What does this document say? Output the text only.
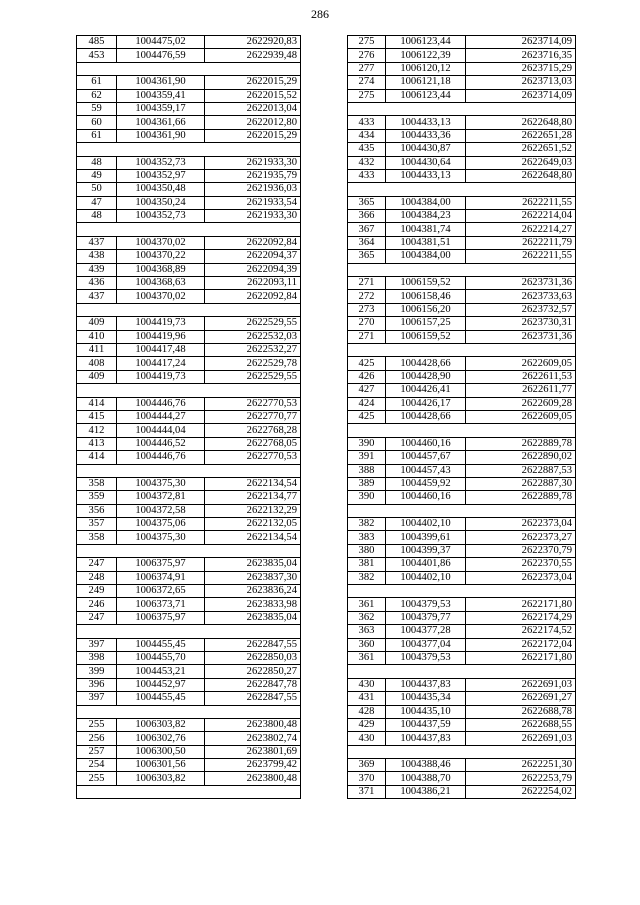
286
485	1004475,02	2622920,83
453	1004476,59	2622939,48

61	1004361,90	2622015,29
62	1004359,41	2622015,52
59	1004359,17	2622013,04
60	1004361,66	2622012,80
61	1004361,90	2622015,29

48	1004352,73	2621933,30
49	1004352,97	2621935,79
50	1004350,48	2621936,03
47	1004350,24	2621933,54
48	1004352,73	2621933,30

437	1004370,02	2622092,84
438	1004370,22	2622094,37
439	1004368,89	2622094,39
436	1004368,63	2622093,11
437	1004370,02	2622092,84

409	1004419,73	2622529,55
410	1004419,96	2622532,03
411	1004417,48	2622532,27
408	1004417,24	2622529,78
409	1004419,73	2622529,55

414	1004446,76	2622770,53
415	1004444,27	2622770,77
412	1004444,04	2622768,28
413	1004446,52	2622768,05
414	1004446,76	2622770,53

358	1004375,30	2622134,54
359	1004372,81	2622134,77
356	1004372,58	2622132,29
357	1004375,06	2622132,05
358	1004375,30	2622134,54

247	1006375,97	2623835,04
248	1006374,91	2623837,30
249	1006372,65	2623836,24
246	1006373,71	2623833,98
247	1006375,97	2623835,04

397	1004455,45	2622847,55
398	1004455,70	2622850,03
399	1004453,21	2622850,27
396	1004452,97	2622847,78
397	1004455,45	2622847,55

255	1006303,82	2623800,48
256	1006302,76	2623802,74
257	1006300,50	2623801,69
254	1006301,56	2623799,42
255	1006303,82	2623800,48

275	1006123,44	2623714,09
276	1006122,39	2623716,35
277	1006120,12	2623715,29
274	1006121,18	2623713,03
275	1006123,44	2623714,09

433	1004433,13	2622648,80
434	1004433,36	2622651,28
435	1004430,87	2622651,52
432	1004430,64	2622649,03
433	1004433,13	2622648,80

365	1004384,00	2622211,55
366	1004384,23	2622214,04
367	1004381,74	2622214,27
364	1004381,51	2622211,79
365	1004384,00	2622211,55

271	1006159,52	2623731,36
272	1006158,46	2623733,63
273	1006156,20	2623732,57
270	1006157,25	2623730,31
271	1006159,52	2623731,36

425	1004428,66	2622609,05
426	1004428,90	2622611,53
427	1004426,41	2622611,77
424	1004426,17	2622609,28
425	1004428,66	2622609,05

390	1004460,16	2622889,78
391	1004457,67	2622890,02
388	1004457,43	2622887,53
389	1004459,92	2622887,30
390	1004460,16	2622889,78

382	1004402,10	2622373,04
383	1004399,61	2622373,27
380	1004399,37	2622370,79
381	1004401,86	2622370,55
382	1004402,10	2622373,04

361	1004379,53	2622171,80
362	1004379,77	2622174,29
363	1004377,28	2622174,52
360	1004377,04	2622172,04
361	1004379,53	2622171,80

430	1004437,83	2622691,03
431	1004435,34	2622691,27
428	1004435,10	2622688,78
429	1004437,59	2622688,55
430	1004437,83	2622691,03

369	1004388,46	2622251,30
370	1004388,70	2622253,79
371	1004386,21	2622254,02
